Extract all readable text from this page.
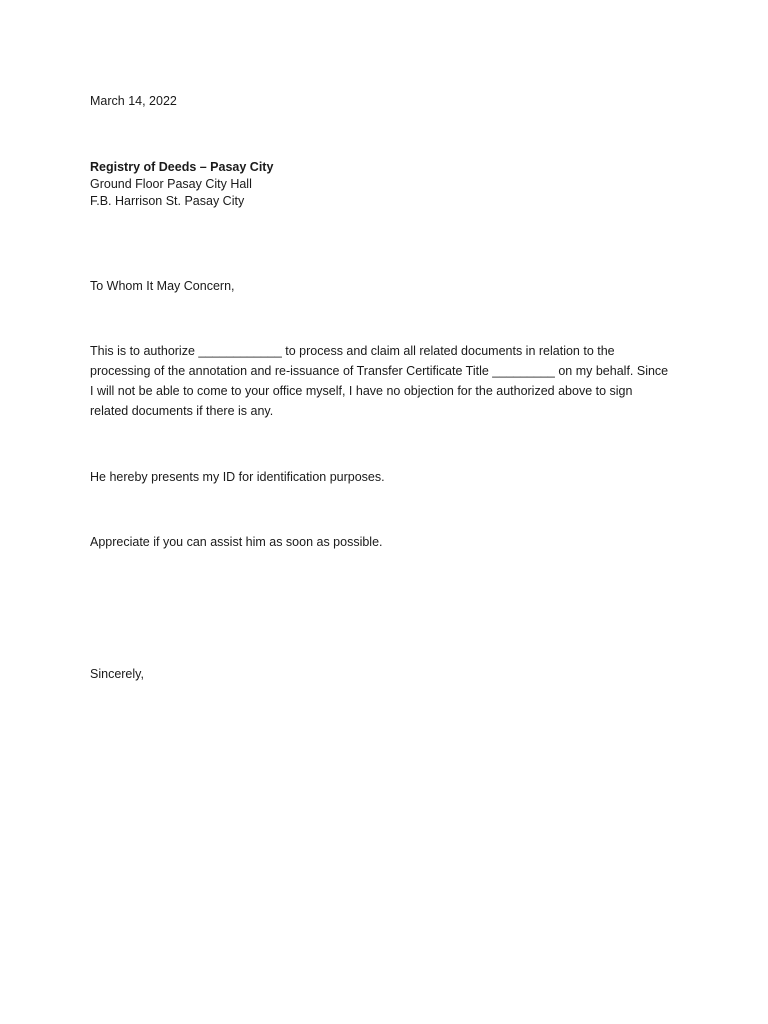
March 14, 2022
Registry of Deeds – Pasay City
Ground Floor Pasay City Hall
F.B. Harrison St. Pasay City
To Whom It May Concern,
This is to authorize ____________ to process and claim all related documents in relation to the
processing of the annotation and re-issuance of Transfer Certificate Title _________ on my behalf. Since
I will not be able to come to your office myself, I have no objection for the authorized above to sign
related documents if there is any.
He hereby presents my ID for identification purposes.
Appreciate if you can assist him as soon as possible.
Sincerely,
